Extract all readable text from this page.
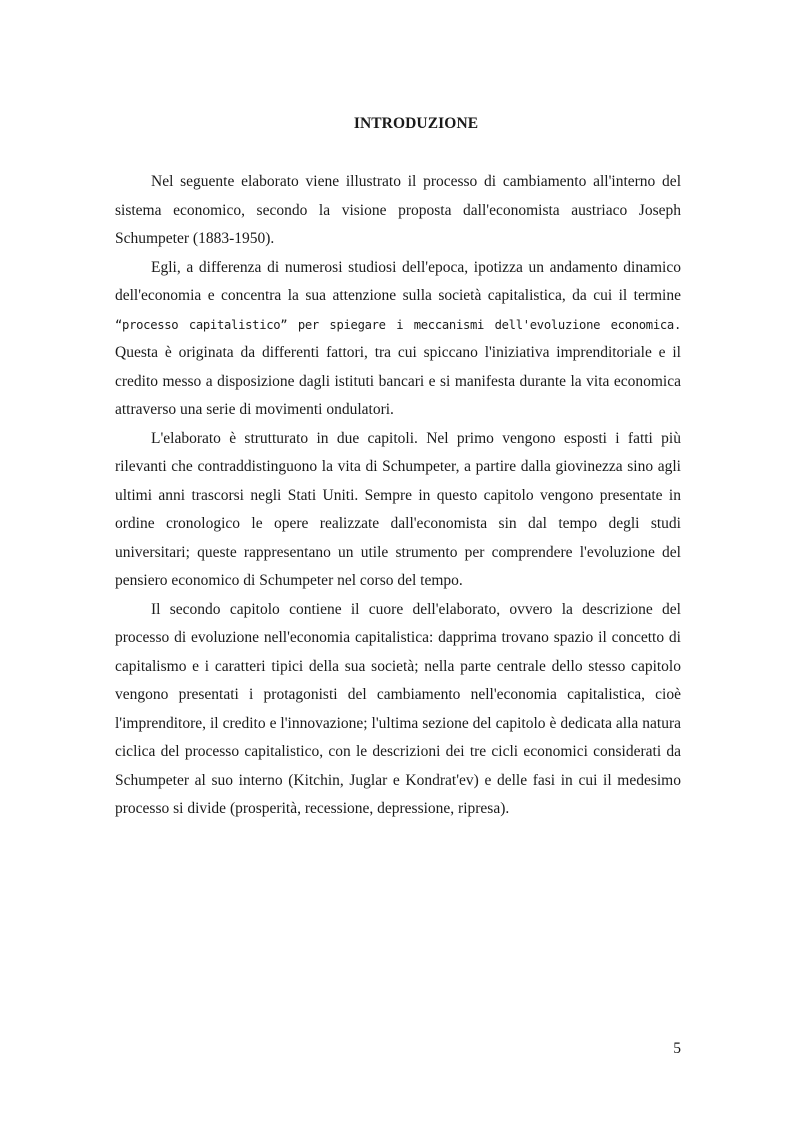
INTRODUZIONE

Nel seguente elaborato viene illustrato il processo di cambiamento all'interno del sistema economico, secondo la visione proposta dall'economista austriaco Joseph Schumpeter (1883-1950).

Egli, a differenza di numerosi studiosi dell'epoca, ipotizza un andamento dinamico dell'economia e concentra la sua attenzione sulla società capitalistica, da cui il termine “processo capitalistico” per spiegare i meccanismi dell'evoluzione economica. Questa è originata da differenti fattori, tra cui spiccano l'iniziativa imprenditoriale e il credito messo a disposizione dagli istituti bancari e si manifesta durante la vita economica attraverso una serie di movimenti ondulatori.

L'elaborato è strutturato in due capitoli. Nel primo vengono esposti i fatti più rilevanti che contraddistinguono la vita di Schumpeter, a partire dalla giovinezza sino agli ultimi anni trascorsi negli Stati Uniti. Sempre in questo capitolo vengono presentate in ordine cronologico le opere realizzate dall'economista sin dal tempo degli studi universitari; queste rappresentano un utile strumento per comprendere l'evoluzione del pensiero economico di Schumpeter nel corso del tempo.

Il secondo capitolo contiene il cuore dell'elaborato, ovvero la descrizione del processo di evoluzione nell'economia capitalistica: dapprima trovano spazio il concetto di capitalismo e i caratteri tipici della sua società; nella parte centrale dello stesso capitolo vengono presentati i protagonisti del cambiamento nell'economia capitalistica, cioè l'imprenditore, il credito e l'innovazione; l'ultima sezione del capitolo è dedicata alla natura ciclica del processo capitalistico, con le descrizioni dei tre cicli economici considerati da Schumpeter al suo interno (Kitchin, Juglar e Kondrat'ev) e delle fasi in cui il medesimo processo si divide (prosperità, recessione, depressione, ripresa).

5
